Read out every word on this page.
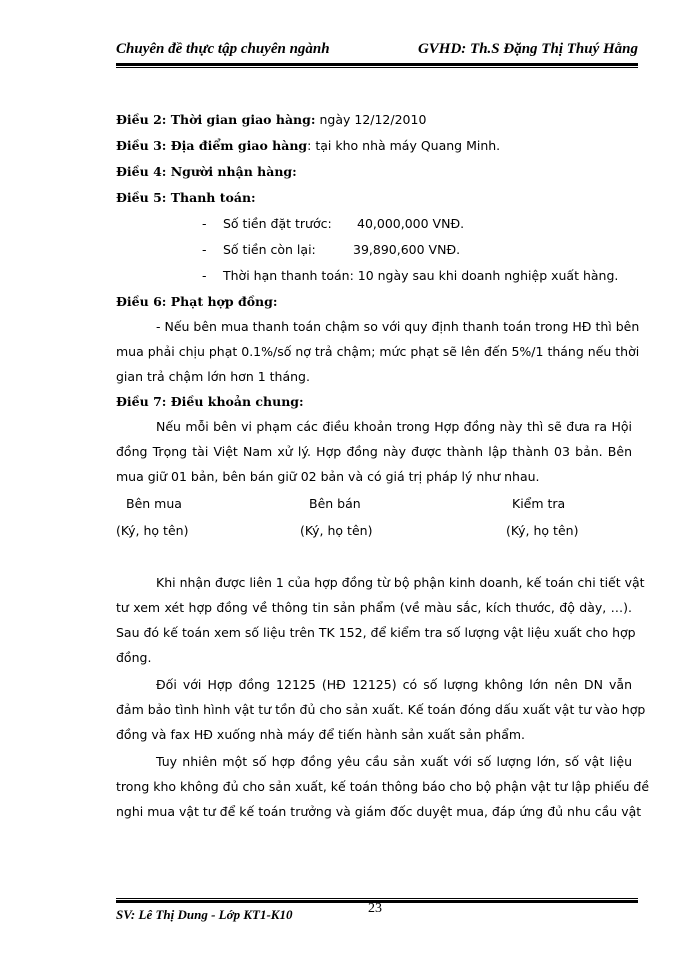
Chuyên đề thực tập chuyên ngành	GVHD: Th.S Đặng Thị Thuý Hằng
Điều 2: Thời gian giao hàng: ngày 12/12/2010
Điều 3: Địa điểm giao hàng: tại kho nhà máy Quang Minh.
Điều 4: Người nhận hàng:
Điều 5: Thanh toán:
- Số tiền đặt trước: 40,000,000 VNĐ.
- Số tiền còn lại:	39,890,600 VNĐ.
- Thời hạn thanh toán: 10 ngày sau khi doanh nghiệp xuất hàng.
Điều 6: Phạt hợp đồng:
- Nếu bên mua thanh toán chậm so với quy định thanh toán trong HĐ thì bên
mua phải chịu phạt 0.1%/số nợ trả chậm; mức phạt sẽ lên đến 5%/1 tháng nếu thời
gian trả chậm lớn hơn 1 tháng.
Điều 7: Điều khoản chung:
Nếu mỗi bên vi phạm các điều khoản trong Hợp đồng này thì sẽ đưa ra Hội
đồng Trọng tài Việt Nam xử lý. Hợp đồng này được thành lập thành 03 bản. Bên
mua giữ 01 bản, bên bán giữ 02 bản và có giá trị pháp lý như nhau.
Bên mua	Bên bán	Kiểm tra
(Ký, họ tên)	(Ký, họ tên)	(Ký, họ tên)
Khi nhận được liên 1 của hợp đồng từ bộ phận kinh doanh, kế toán chi tiết vật
tư xem xét hợp đồng về thông tin sản phẩm (về màu sắc, kích thước, độ dày, …).
Sau đó kế toán xem số liệu trên TK 152, để kiểm tra số lượng vật liệu xuất cho hợp
đồng.
Đối với Hợp đồng 12125 (HĐ 12125) có số lượng không lớn nên DN vẫn
đảm bảo tình hình vật tư tồn đủ cho sản xuất. Kế toán đóng dấu xuất vật tư vào hợp
đồng và fax HĐ xuống nhà máy để tiến hành sản xuất sản phẩm.
Tuy nhiên một số hợp đồng yêu cầu sản xuất với số lượng lớn, số vật liệu
trong kho không đủ cho sản xuất, kế toán thông báo cho bộ phận vật tư lập phiếu đề
nghi mua vật tư để kế toán trưởng và giám đốc duyệt mua, đáp ứng đủ nhu cầu vật
SV: Lê Thị Dung - Lớp KT1-K10	23
